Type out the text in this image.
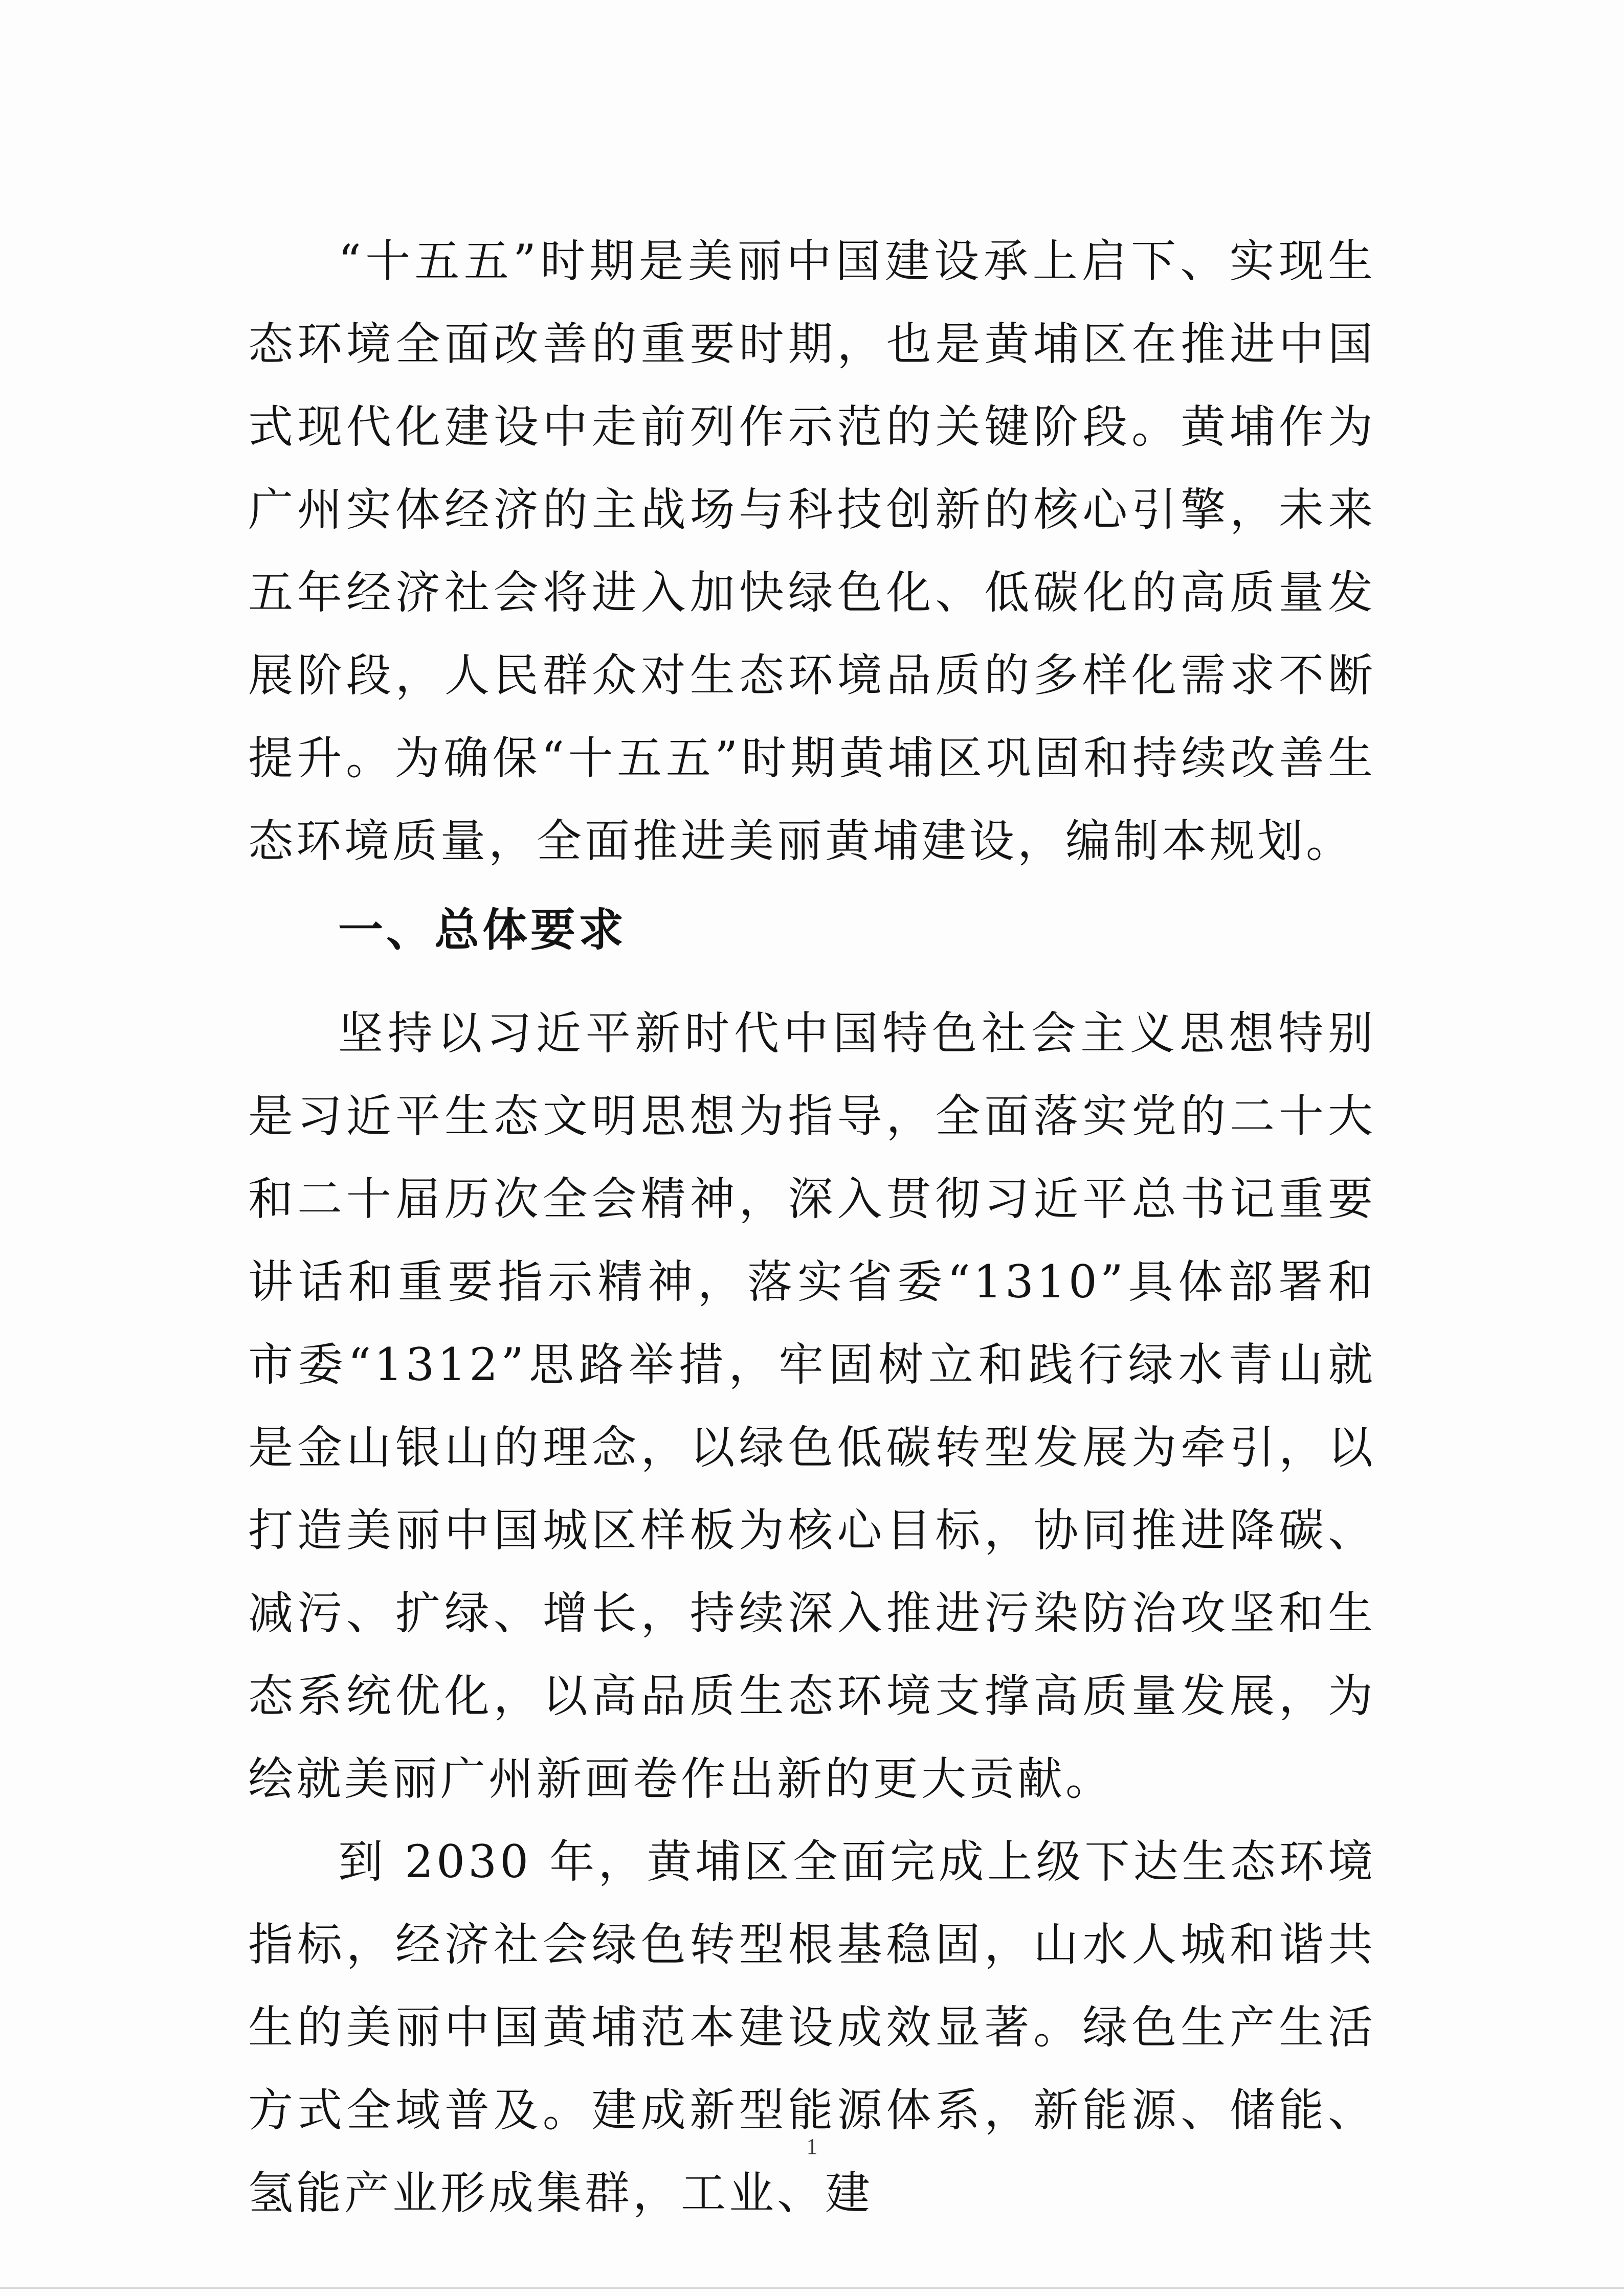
“十五五”时期是美丽中国建设承上启下、实现生态环境全面改善的重要时期，也是黄埔区在推进中国式现代化建设中走前列作示范的关键阶段。黄埔作为广州实体经济的主战场与科技创新的核心引擎，未来五年经济社会将进入加快绿色化、低碳化的高质量发展阶段，人民群众对生态环境品质的多样化需求不断提升。为确保“十五五”时期黄埔区巩固和持续改善生态环境质量，全面推进美丽黄埔建设，编制本规划。

一、总体要求

坚持以习近平新时代中国特色社会主义思想特别是习近平生态文明思想为指导，全面落实党的二十大和二十届历次全会精神，深入贯彻习近平总书记重要讲话和重要指示精神，落实省委“1310”具体部署和市委“1312”思路举措，牢固树立和践行绿水青山就是金山银山的理念，以绿色低碳转型发展为牵引，以打造美丽中国城区样板为核心目标，协同推进降碳、减污、扩绿、增长，持续深入推进污染防治攻坚和生态系统优化，以高品质生态环境支撑高质量发展，为绘就美丽广州新画卷作出新的更大贡献。

到 2030 年，黄埔区全面完成上级下达生态环境指标，经济社会绿色转型根基稳固，山水人城和谐共生的美丽中国黄埔范本建设成效显著。绿色生产生活方式全域普及。建成新型能源体系，新能源、储能、氢能产业形成集群，工业、建

1
